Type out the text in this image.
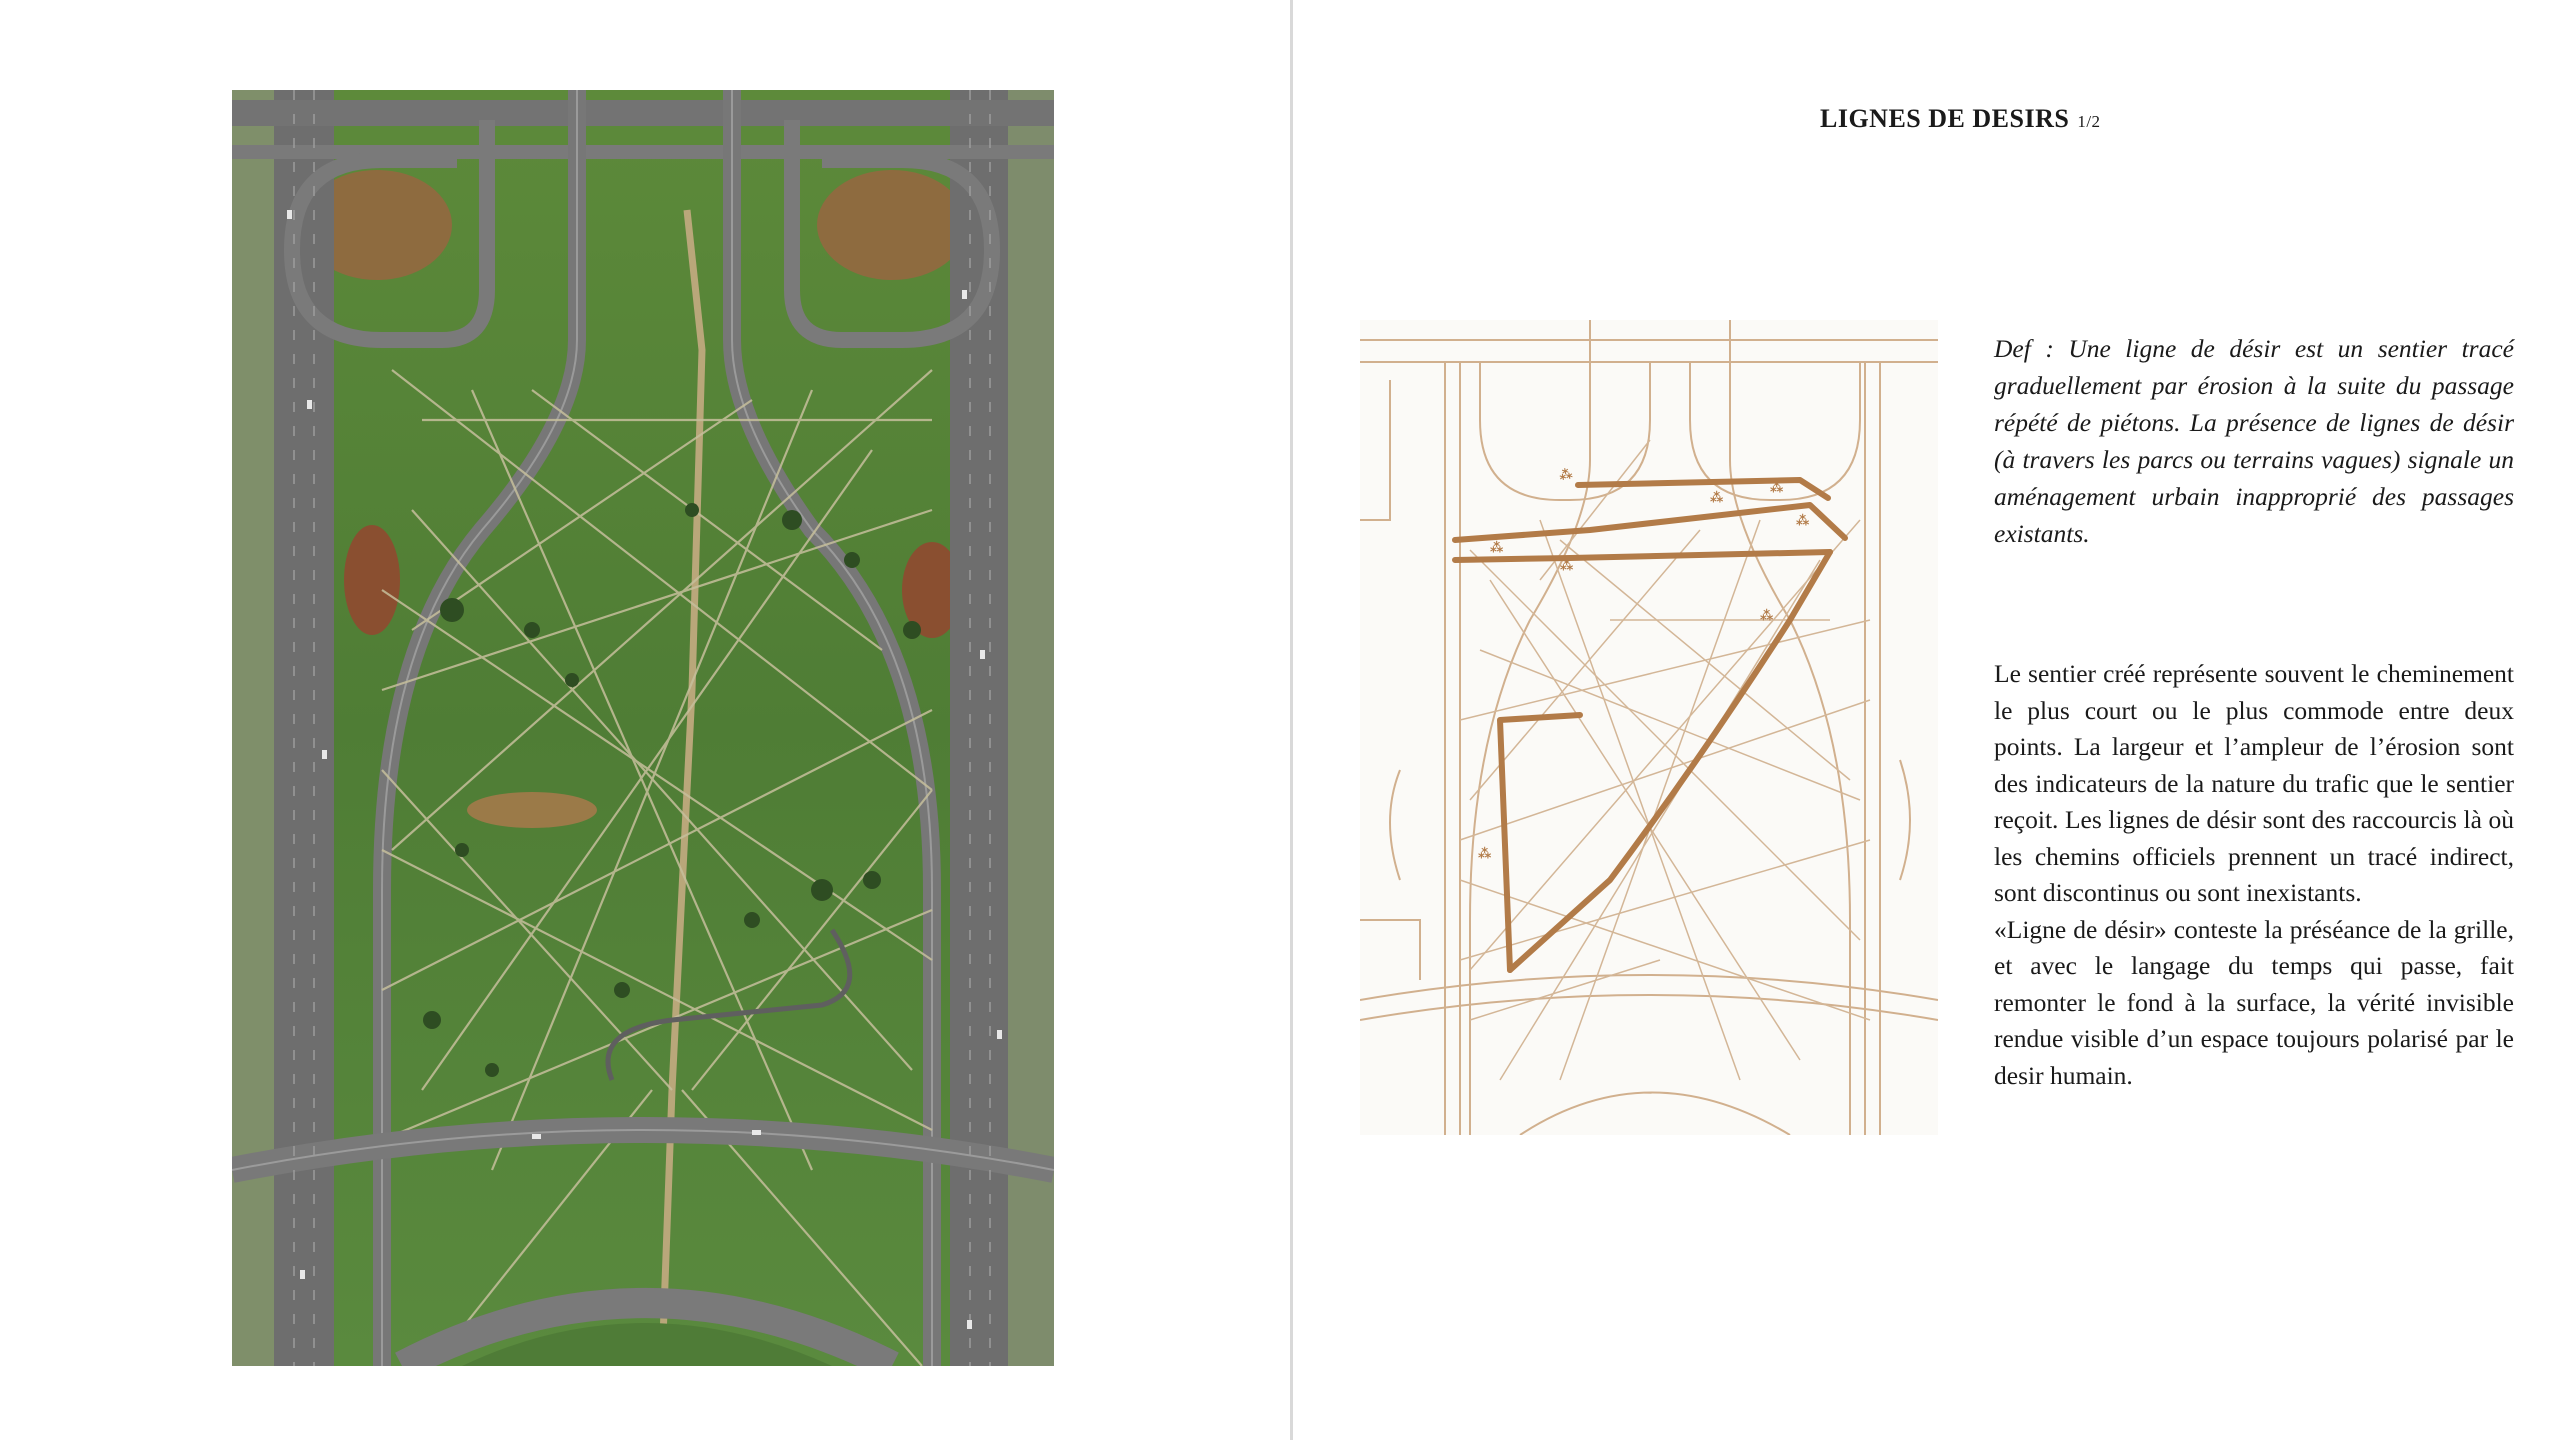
LIGNES DE DESIRS 1/2
⁂
⁂
⁂
⁂
⁂
⁂
⁂
⁂
Def : Une ligne de désir est un sentier tracé graduellement par érosion à la suite du passage répété de piétons. La présence de lignes de désir (à travers les parcs ou terrains vagues) signale un aménagement urbain inapproprié des passages existants.

Le sentier créé représente souvent le cheminement le plus court ou le plus commode entre deux points. La largeur et l’ampleur de l’érosion sont des indicateurs de la nature du trafic que le sentier reçoit. Les lignes de désir sont des raccourcis là où les chemins officiels prennent un tracé indirect, sont discontinus ou sont inexistants.

«Ligne de désir» conteste la préséance de la grille, et avec le langage du temps qui passe, fait remonter le fond à la surface, la vérité invisible rendue visible d’un espace toujours polarisé par le desir humain.
